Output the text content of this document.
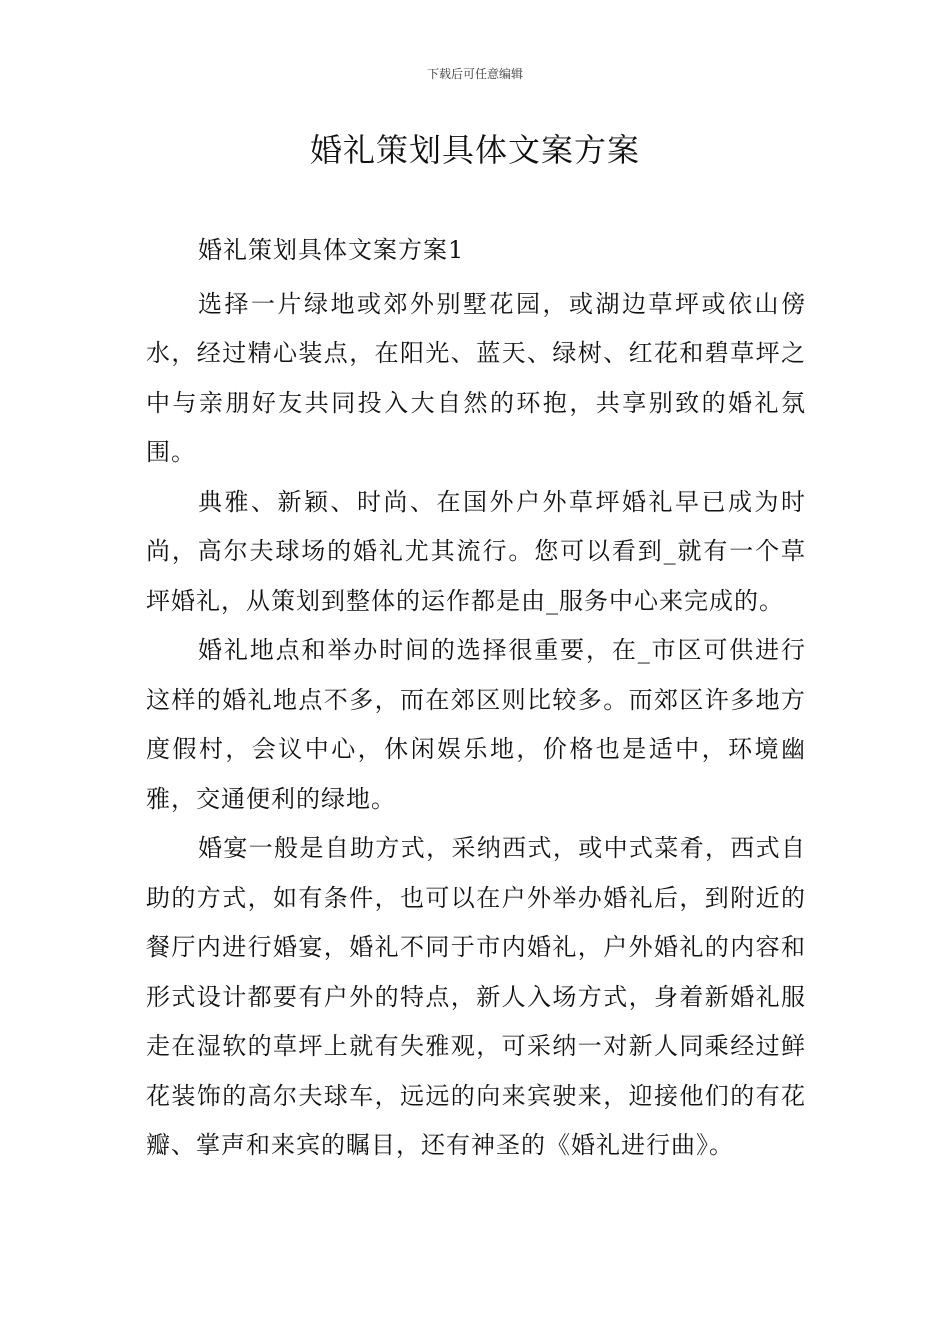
下载后可任意编辑
婚礼策划具体文案方案

婚礼策划具体文案方案1

选择一片绿地或郊外别墅花园，或湖边草坪或依山傍水，经过精心装点，在阳光、蓝天、绿树、红花和碧草坪之中与亲朋好友共同投入大自然的环抱，共享别致的婚礼氛围。

典雅、新颖、时尚、在国外户外草坪婚礼早已成为时尚，高尔夫球场的婚礼尤其流行。您可以看到_就有一个草坪婚礼，从策划到整体的运作都是由_服务中心来完成的。

婚礼地点和举办时间的选择很重要，在_市区可供进行这样的婚礼地点不多，而在郊区则比较多。而郊区许多地方度假村，会议中心，休闲娱乐地，价格也是适中，环境幽雅，交通便利的绿地。

婚宴一般是自助方式，采纳西式，或中式菜肴，西式自助的方式，如有条件，也可以在户外举办婚礼后，到附近的餐厅内进行婚宴，婚礼不同于市内婚礼，户外婚礼的内容和形式设计都要有户外的特点，新人入场方式，身着新婚礼服走在湿软的草坪上就有失雅观，可采纳一对新人同乘经过鲜花装饰的高尔夫球车，远远的向来宾驶来，迎接他们的有花瓣、掌声和来宾的瞩目，还有神圣的《婚礼进行曲》。
